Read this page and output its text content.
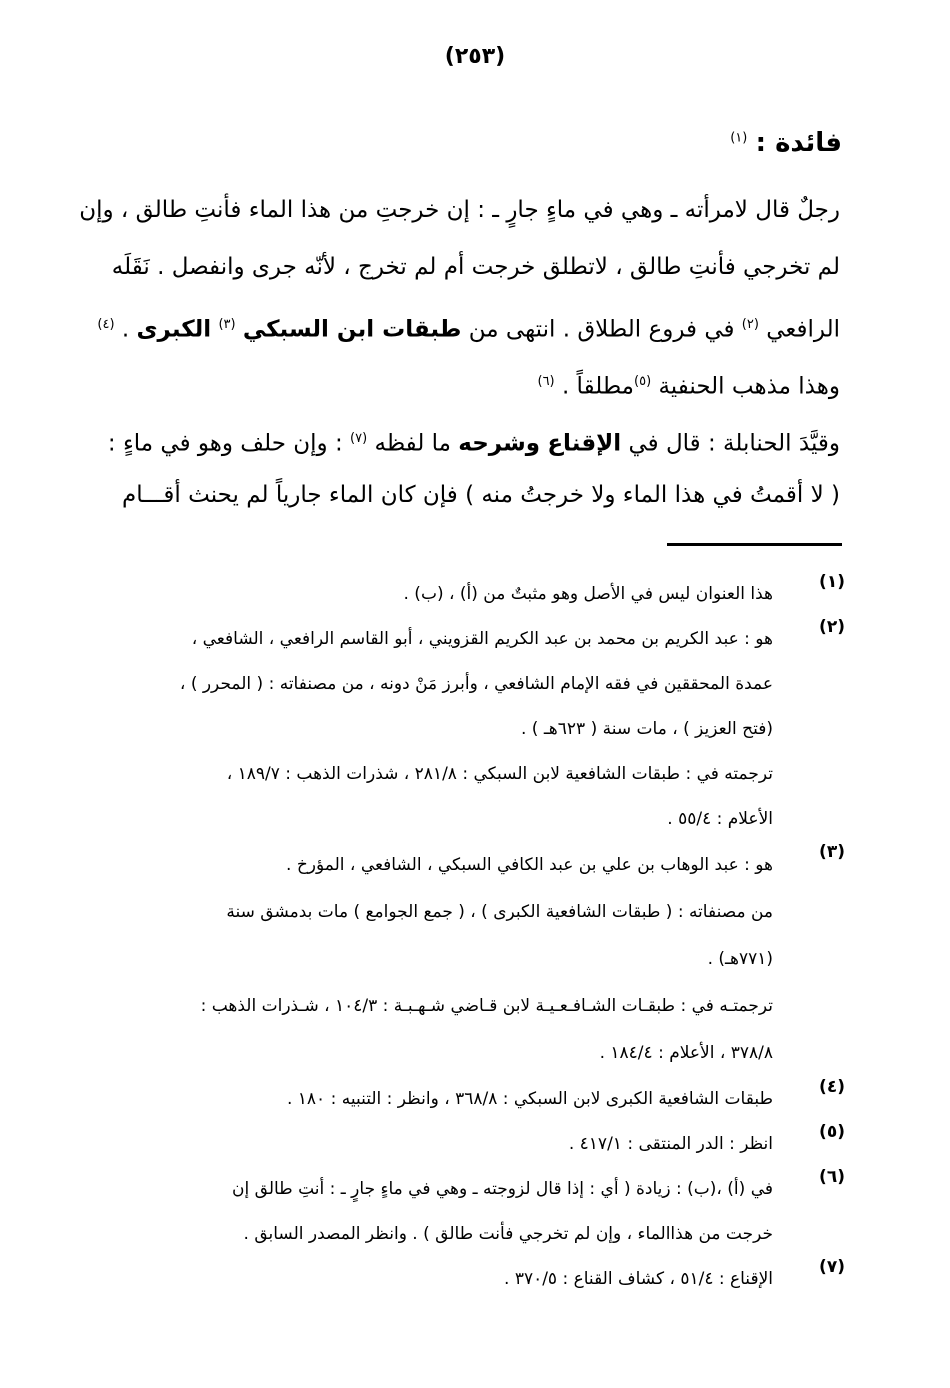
(٢٥٣)
فائدة : $^{(١)}$
رجلٌ قال لامرأته ـ وهي في ماءٍ جارٍ ـ : إن خرجتِ من هذا الماء فأنتِ طالق ، وإن
لم تخرجي فأنتِ طالق ، لاتطلق خرجت أم لم تخرج ، لأنّه جرى وانفصل . نَقَلَه
الرافعي $^{(٢)}$ في فروع الطلاق . انتهى من طبقات ابن السبكي $^{(٣)}$ الكبرى . $^{(٤)}$
وهذا مذهب الحنفية $^{(٥)}$مطلقاً . $^{(٦)}$
وقيَّدَ الحنابلة : قال في الإقناع وشرحه ما لفظه $^{(٧)}$ : وإن حلف وهو في ماءٍ :
( لا أقمتُ في هذا الماء ولا خرجتُ منه ) فإن كان الماء جارياً لم يحنث أقـــام
(١)
هذا العنوان ليس في الأصل وهو مثبتٌ من (أ) ، (ب) .
(٢)
هو : عبد الكريم بن محمد بن عبد الكريم القزويني ، أبو القاسم الرافعي ، الشافعي ،
عمدة المحققين في فقه الإمام الشافعي ، وأبرز مَنْ دونه ، من مصنفاته : ( المحرر ) ،
(فتح العزيز ) ، مات سنة ( ٦٢٣هـ ) .
ترجمته في : طبقات الشافعية لابن السبكي : ٢٨١/٨ ، شذرات الذهب : ١٨٩/٧ ،
الأعلام : ٥٥/٤ .
(٣)
هو : عبد الوهاب بن علي بن عبد الكافي السبكي ، الشافعي ، المؤرخ .
من مصنفاته : ( طبقات الشافعية الكبرى ) ، ( جمع الجوامع ) مات بدمشق سنة
(٧٧١هـ) .
ترجمتـه في : طبقـات الشـافـعـيـة لابن قـاضي شـهـبـة : ١٠٤/٣ ، شـذرات الذهب :
٣٧٨/٨ ، الأعلام : ١٨٤/٤ .
(٤)
طبقات الشافعية الكبرى لابن السبكي : ٣٦٨/٨ ، وانظر : التنبيه : ١٨٠ .
(٥)
انظر : الدر المنتقى : ٤١٧/١ .
(٦)
في (أ) ،(ب) : زيادة ( أي : إذا قال لزوجته ـ وهي في ماءٍ جارٍ ـ : أنتِ طالق إن
خرجت من هذاالماء ، وإن لم تخرجي فأنت طالق ) . وانظر المصدر السابق .
(٧)
الإقناع : ٥١/٤ ، كشاف القناع : ٣٧٠/٥ .
